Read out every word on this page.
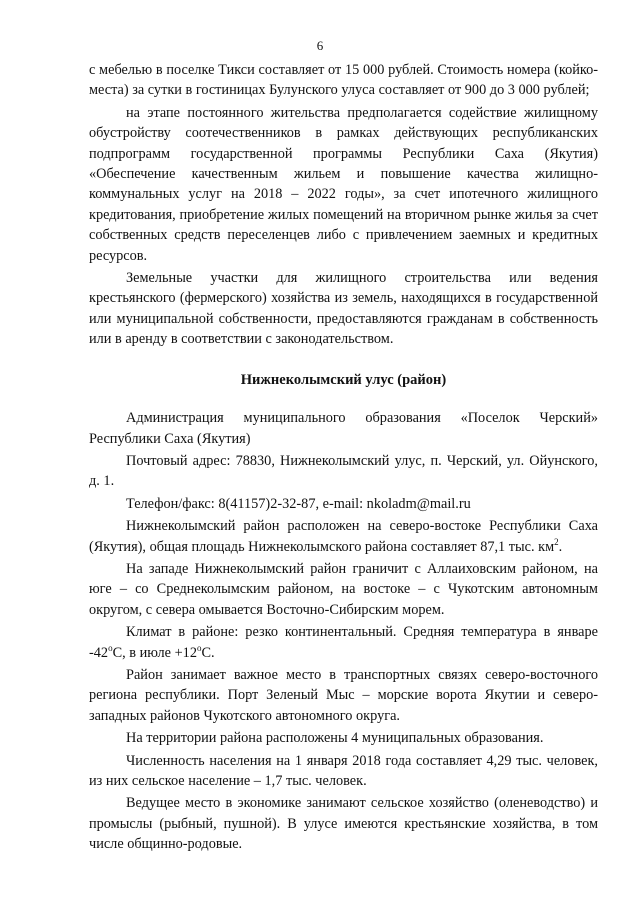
6

с мебелью в поселке Тикси составляет от 15 000 рублей. Стоимость номера (койко-места) за сутки в гостиницах Булунского улуса составляет от 900 до 3 000 рублей;

на этапе постоянного жительства предполагается содействие жилищному обустройству соотечественников в рамках действующих республиканских подпрограмм государственной программы Республики Саха (Якутия) «Обеспечение качественным жильем и повышение качества жилищно-коммунальных услуг на 2018 – 2022 годы», за счет ипотечного жилищного кредитования, приобретение жилых помещений на вторичном рынке жилья за счет собственных средств переселенцев либо с привлечением заемных и кредитных ресурсов.

Земельные участки для жилищного строительства или ведения крестьянского (фермерского) хозяйства из земель, находящихся в государственной или муниципальной собственности, предоставляются гражданам в собственность или в аренду в соответствии с законодательством.

Нижнеколымский улус (район)

Администрация муниципального образования «Поселок Черский» Республики Саха (Якутия)

Почтовый адрес: 78830, Нижнеколымский улус, п. Черский, ул. Ойунского, д. 1.

Телефон/факс: 8(41157)2-32-87, e-mail: nkoladm@mail.ru

Нижнеколымский район расположен на северо-востоке Республики Саха (Якутия), общая площадь Нижнеколымского района составляет 87,1 тыс. $км^2$.

На западе Нижнеколымский район граничит с Аллаиховским районом, на юге – со Среднеколымским районом, на востоке – с Чукотским автономным округом, с севера омывается Восточно-Сибирским морем.

Климат в районе: резко континентальный. Средняя температура в январе $-42^оС$, в июле $+12^оС$.

Район занимает важное место в транспортных связях северо-восточного региона республики. Порт Зеленый Мыс – морские ворота Якутии и северо-западных районов Чукотского автономного округа.

На территории района расположены 4 муниципальных образования.

Численность населения на 1 января 2018 года составляет 4,29 тыс. человек, из них сельское население – 1,7 тыс. человек.

Ведущее место в экономике занимают сельское хозяйство (оленеводство) и промыслы (рыбный, пушной). В улусе имеются крестьянские хозяйства, в том числе общинно-родовые.
